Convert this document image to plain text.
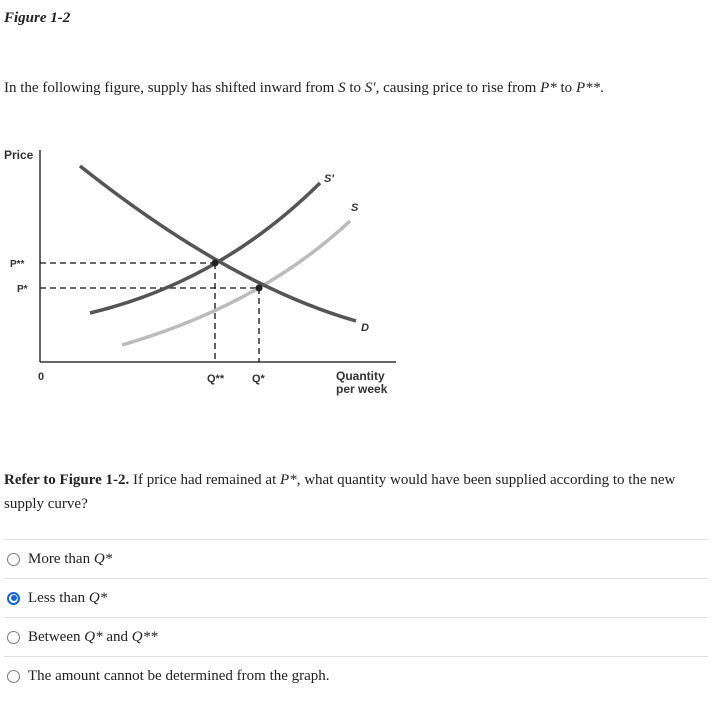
Figure 1-2
In the following figure, supply has shifted inward from S to S′, causing price to rise from P* to P**.
Price
P**
P*
0	Q**	Q*	Quantity per week
S′
S
D
Refer to Figure 1-2. If price had remained at P*, what quantity would have been supplied according to the new supply curve?
More than Q*
Less than Q*
Between Q* and Q**
The amount cannot be determined from the graph.
